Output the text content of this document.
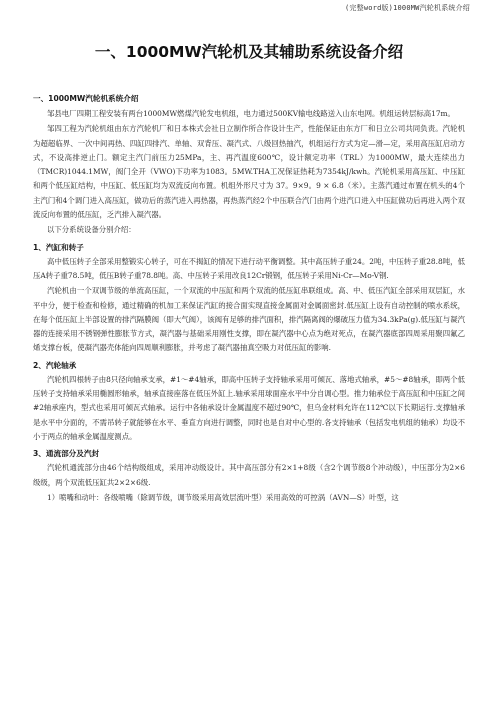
(完整word版)1000MW汽轮机系统介绍
一、1000MW汽轮机及其辅助系统设备介绍
一、1000MW汽轮机系统介绍

邹县电厂四期工程安装有两台1000MW燃煤汽轮发电机组，电力通过500KV输电线路送入山东电网。机组运转层标高17m。

邹四工程为汽轮机组由东方汽轮机厂和日本株式会社日立制作所合作设计生产，性能保证由东方厂和日立公司共同负责。汽轮机为超超临界、一次中间再热、四缸四排汽、单轴、双背压、凝汽式、八级回热抽汽，机组运行方式为定—滑—定，采用高压缸启动方式，不设高排逆止门。额定主汽门前压力25MPa，主、再汽温度600℃，设计额定功率（TRL）为1000MW，最大连续出力（TMCR)1044.1MW，阀门全开（VWO)下功率为1083。5MW.THA工况保证热耗为7354kJ/kwh。汽轮机采用高压缸、中压缸和两个低压缸结构，中压缸、低压缸均为双流反向布置。机组外形尺寸为 37。9×9。9 × 6.8（米）。主蒸汽通过布置在机头的4个主汽门和4个调门进入高压缸，做功后的蒸汽进入再热器，再热蒸汽经2个中压联合汽门由两个进汽口进入中压缸做功后再进入两个双流反向布置的低压缸，乏汽排入凝汽器。

以下分系统设备分别介绍：

1、汽缸和转子

高中低压转子全部采用整锻实心转子，可在不揭缸的情况下进行动平衡调整。其中高压转子重24。2吨，中压转子重28.8吨，低压A转子重78.5吨，低压B转子重78.8吨。高、中压转子采用改良12Cr锻钢，低压转子采用Ni-Cr—Mo-V钢.

汽轮机由一个双调节级的单流高压缸，一个双流的中压缸和两个双流的低压缸串联组成。高、中、低压汽缸全部采用双层缸，水平中分，便于检查和检修，通过精确的机加工来保证汽缸的接合面实现直接金属面对金属面密封.低压缸上设有自动控制的喷水系统，在每个低压缸上半部设置的排汽隔膜阀（即大气阀），该阀有足够的排汽面积，排汽隔离阀的爆破压力值为34.3kPa(g).低压缸与凝汽器的连接采用不锈钢弹性膨胀节方式，凝汽器与基础采用刚性支撑，即在凝汽器中心点为绝对死点，在凝汽器底部四周采用聚四氟乙烯支撑台板，使凝汽器壳体能向四周顺利膨胀，并考虑了凝汽器抽真空吸力对低压缸的影响.

2、汽轮轴承

汽轮机四根转子由8只径向轴承支承，#1～#4轴承，即高中压转子支持轴承采用可倾瓦、落地式轴承，#5～#8轴承，即两个低压转子支持轴承采用椭圆形轴承，轴承直接座落在低压外缸上.轴承采用球面座水平中分自调心型。推力轴承位于高压缸和中压缸之间#2轴承座内，型式也采用可倾瓦式轴承。运行中各轴承设计金属温度不超过90℃，但乌金材料允许在112℃以下长期运行.支撑轴承是水平中分面的，不需吊转子就能够在水平、垂直方向进行调整，同时也是自对中心型的.各支持轴承（包括发电机组的轴承）均设不小于两点的轴承金属温度测点。

3、通流部分及汽封

汽轮机通流部分由46个结构级组成，采用冲动级设计。其中高压部分有2×1+8级（含2个调节级8个冲动级），中压部分为2×6级级，两个双流低压缸共2×2×6级.

1）喷嘴和动叶：各级喷嘴（除调节级，调节级采用高效层流叶型）采用高效的可控涡（AVN—S）叶型，这
